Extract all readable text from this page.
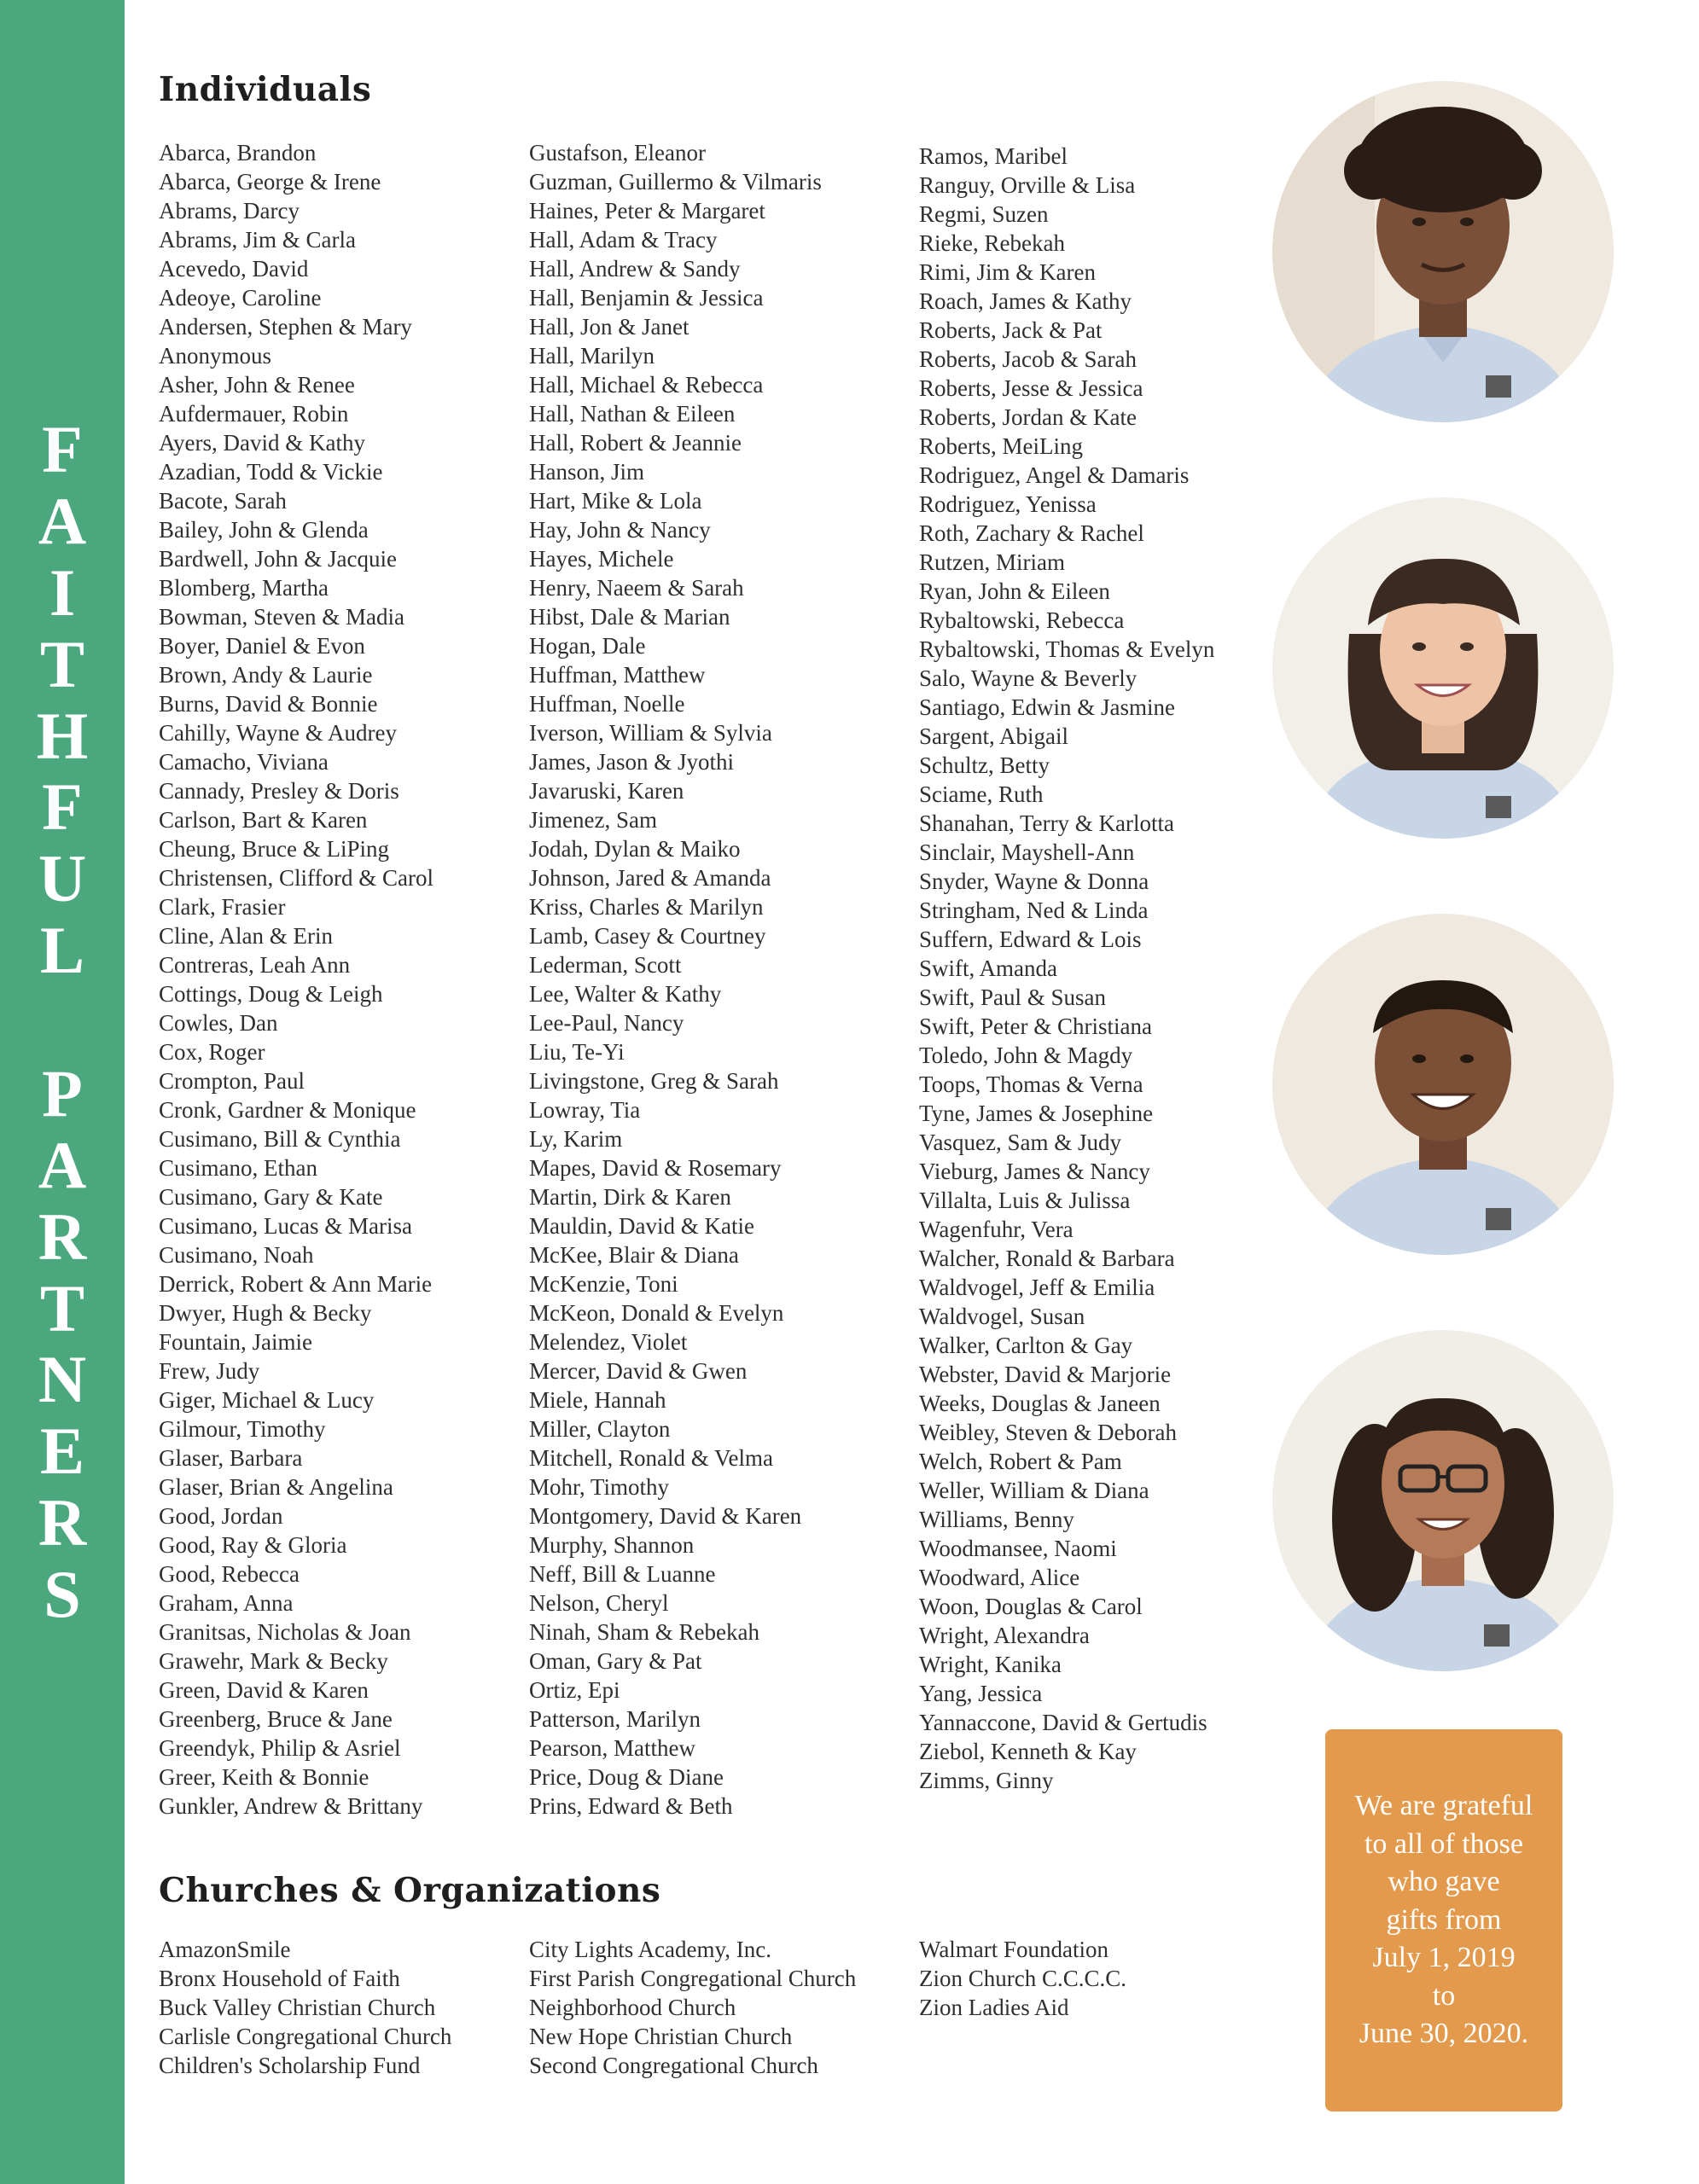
F
A
I
T
H
F
U
L
P
A
R
T
N
E
R
S
Individuals
Abarca, Brandon
Abarca, George & Irene
Abrams, Darcy
Abrams, Jim & Carla
Acevedo, David
Adeoye, Caroline
Andersen, Stephen & Mary
Anonymous
Asher, John & Renee
Aufdermauer, Robin
Ayers, David & Kathy
Azadian, Todd & Vickie
Bacote, Sarah
Bailey, John & Glenda
Bardwell, John & Jacquie
Blomberg, Martha
Bowman, Steven & Madia
Boyer, Daniel & Evon
Brown, Andy & Laurie
Burns, David & Bonnie
Cahilly, Wayne & Audrey
Camacho, Viviana
Cannady, Presley & Doris
Carlson, Bart & Karen
Cheung, Bruce & LiPing
Christensen, Clifford & Carol
Clark, Frasier
Cline, Alan & Erin
Contreras, Leah Ann
Cottings, Doug & Leigh
Cowles, Dan
Cox, Roger
Crompton, Paul
Cronk, Gardner & Monique
Cusimano, Bill & Cynthia
Cusimano, Ethan
Cusimano, Gary & Kate
Cusimano, Lucas & Marisa
Cusimano, Noah
Derrick, Robert & Ann Marie
Dwyer, Hugh & Becky
Fountain, Jaimie
Frew, Judy
Giger, Michael & Lucy
Gilmour, Timothy
Glaser, Barbara
Glaser, Brian & Angelina
Good, Jordan
Good, Ray & Gloria
Good, Rebecca
Graham, Anna
Granitsas, Nicholas & Joan
Grawehr, Mark & Becky
Green, David & Karen
Greenberg, Bruce & Jane
Greendyk, Philip & Asriel
Greer, Keith & Bonnie
Gunkler, Andrew & Brittany
Gustafson, Eleanor
Guzman, Guillermo & Vilmaris
Haines, Peter & Margaret
Hall, Adam & Tracy
Hall, Andrew & Sandy
Hall, Benjamin & Jessica
Hall, Jon & Janet
Hall, Marilyn
Hall, Michael & Rebecca
Hall, Nathan & Eileen
Hall, Robert & Jeannie
Hanson, Jim
Hart, Mike & Lola
Hay, John & Nancy
Hayes, Michele
Henry, Naeem & Sarah
Hibst, Dale & Marian
Hogan, Dale
Huffman, Matthew
Huffman, Noelle
Iverson, William & Sylvia
James, Jason & Jyothi
Javaruski, Karen
Jimenez, Sam
Jodah, Dylan & Maiko
Johnson, Jared & Amanda
Kriss, Charles & Marilyn
Lamb, Casey & Courtney
Lederman, Scott
Lee, Walter & Kathy
Lee-Paul, Nancy
Liu, Te-Yi
Livingstone, Greg & Sarah
Lowray, Tia
Ly, Karim
Mapes, David & Rosemary
Martin, Dirk & Karen
Mauldin, David & Katie
McKee, Blair & Diana
McKenzie, Toni
McKeon, Donald & Evelyn
Melendez, Violet
Mercer, David & Gwen
Miele, Hannah
Miller, Clayton
Mitchell, Ronald & Velma
Mohr, Timothy
Montgomery, David & Karen
Murphy, Shannon
Neff, Bill & Luanne
Nelson, Cheryl
Ninah, Sham & Rebekah
Oman, Gary & Pat
Ortiz, Epi
Patterson, Marilyn
Pearson, Matthew
Price, Doug & Diane
Prins, Edward & Beth
Ramos, Maribel
Ranguy, Orville & Lisa
Regmi, Suzen
Rieke, Rebekah
Rimi, Jim & Karen
Roach, James & Kathy
Roberts, Jack & Pat
Roberts, Jacob & Sarah
Roberts, Jesse & Jessica
Roberts, Jordan & Kate
Roberts, MeiLing
Rodriguez, Angel & Damaris
Rodriguez, Yenissa
Roth, Zachary & Rachel
Rutzen, Miriam
Ryan, John & Eileen
Rybaltowski, Rebecca
Rybaltowski, Thomas & Evelyn
Salo, Wayne & Beverly
Santiago, Edwin & Jasmine
Sargent, Abigail
Schultz, Betty
Sciame, Ruth
Shanahan, Terry & Karlotta
Sinclair, Mayshell-Ann
Snyder, Wayne & Donna
Stringham, Ned & Linda
Suffern, Edward & Lois
Swift, Amanda
Swift, Paul & Susan
Swift, Peter & Christiana
Toledo, John & Magdy
Toops, Thomas & Verna
Tyne, James & Josephine
Vasquez, Sam & Judy
Vieburg, James & Nancy
Villalta, Luis & Julissa
Wagenfuhr, Vera
Walcher, Ronald & Barbara
Waldvogel, Jeff & Emilia
Waldvogel, Susan
Walker, Carlton & Gay
Webster, David & Marjorie
Weeks, Douglas & Janeen
Weibley, Steven & Deborah
Welch, Robert & Pam
Weller, William & Diana
Williams, Benny
Woodmansee, Naomi
Woodward, Alice
Woon, Douglas & Carol
Wright, Alexandra
Wright, Kanika
Yang, Jessica
Yannaccone, David & Gertudis
Ziebol, Kenneth & Kay
Zimms, Ginny
Churches & Organizations
AmazonSmile
Bronx Household of Faith
Buck Valley Christian Church
Carlisle Congregational Church
Children's Scholarship Fund
City Lights Academy, Inc.
First Parish Congregational Church
Neighborhood Church
New Hope Christian Church
Second Congregational Church
Walmart Foundation
Zion Church C.C.C.C.
Zion Ladies Aid

We are grateful
to all of those
who gave
gifts from
July 1, 2019
to
June 30, 2020.
